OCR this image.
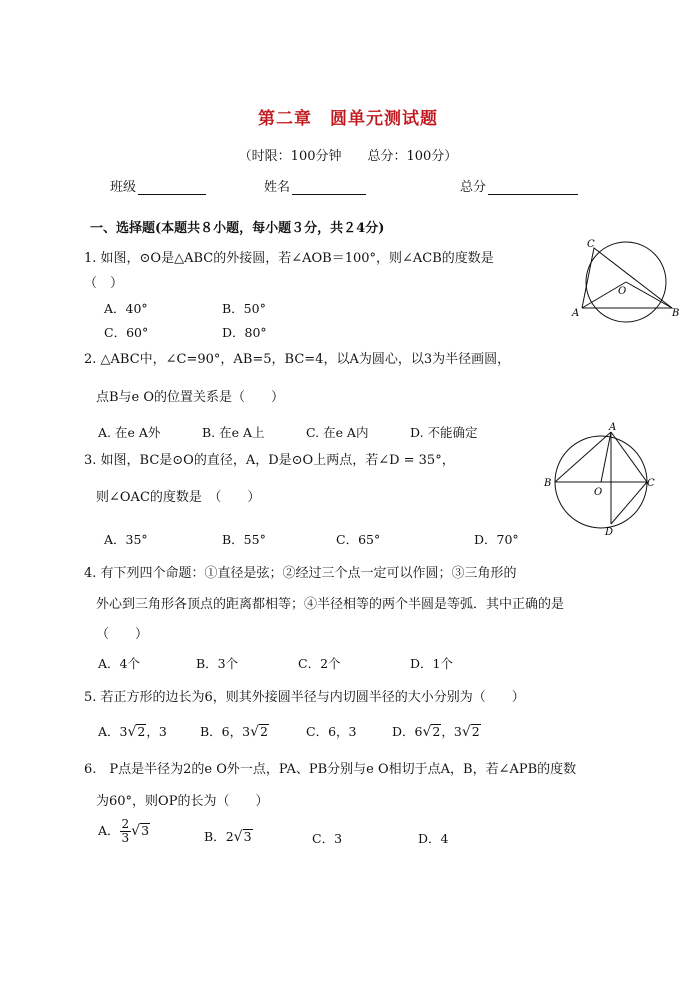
第二章　圆单元测试题
（时限：100分钟　　总分：100分）
班级	姓名	总分
一、选择题(本题共８小题，每小题３分，共２4分)
1. 如图，⊙O是△ABC的外接圆，若∠AOB＝100°，则∠ACB的度数是
（　）
A．40°	B．50°
C．60°	D．80°
C
O
A	B
2. △ABC中，∠C=90°，AB=5，BC=4，以A为圆心，以3为半径画圆，
点B与e O的位置关系是（　　）
A. 在e A外	B. 在e A上	C. 在e A内	D. 不能确定	A
B
O
C
D
3. 如图，BC是⊙O的直径，A，D是⊙O上两点，若∠D = 35°，
则∠OAC的度数是　（　　）
A．35°	B．55°	C．65°	D．70°
4. 有下列四个命题：①直径是弦；②经过三个点一定可以作圆；③三角形的
外心到三角形各顶点的距离都相等；④半径相等的两个半圆是等弧．其中正确的是
（　　）
A．4个	B．3个	C．2个	D．1个
5. 若正方形的边长为6，则其外接圆半径与内切圆半径的大小分别为（　　）
A．3√2，3	B．6，3√2	C．6，3	D．6√2，3√2
6.　P点是半径为2的e O外一点，PA、PB分别与e O相切于点A，B，若∠APB的度数
为60°，则OP的长为（　　）
A． $\frac{2}{3} √3$	B．2√3	C．3	D．4
